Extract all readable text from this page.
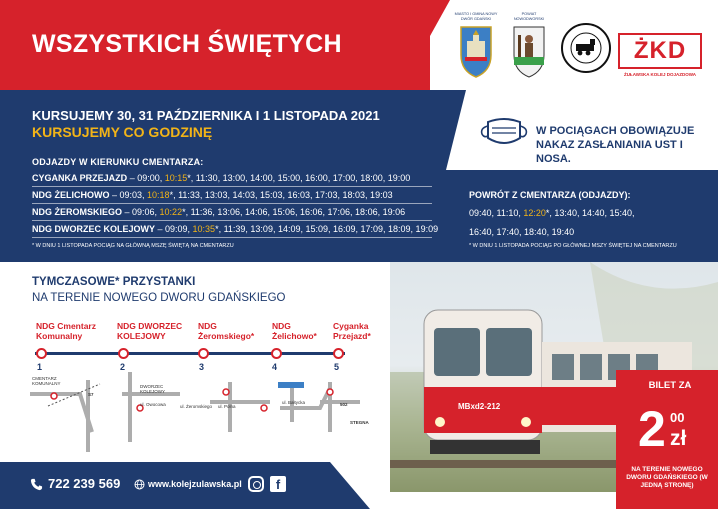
WSZYSTKICH ŚWIĘTYCH
MIASTO I GMINA NOWY DWÓR GDAŃSKI
POWIAT NOWODWORSKI
ŻKD
ŻUŁAWSKA KOLEJ DOJAZDOWA
KURSUJEMY 30, 31 PAŹDZIERNIKA I 1 LISTOPADA 2021
KURSUJEMY CO GODZINĘ	W POCIĄGACH OBOWIĄZUJE NAKAZ ZASŁANIANIA UST I NOSA.
ODJAZDY W KIERUNKU CMENTARZA:
CYGANKA PRZEJAZD – 09:00, 10:15*, 11:30, 13:00, 14:00, 15:00, 16:00, 17:00, 18:00, 19:00
NDG ŻELICHOWO – 09:03, 10:18*, 11:33, 13:03, 14:03, 15:03, 16:03, 17:03, 18:03, 19:03
NDG ŻEROMSKIEGO – 09:06, 10:22*, 11:36, 13:06, 14:06, 15:06, 16:06, 17:06, 18:06, 19:06
NDG DWORZEC KOLEJOWY – 09:09, 10:35*, 11:39, 13:09, 14:09, 15:09, 16:09, 17:09, 18:09, 19:09
* W DNIU 1 LISTOPADA POCIĄG NA GŁÓWNĄ MSZĘ ŚWIĘTĄ NA CMENTARZU
POWRÓT Z CMENTARZA (ODJAZDY):
09:40, 11:10, 12:20*, 13:40, 14:40, 15:40,
16:40, 17:40, 18:40, 19:40
* W DNIU 1 LISTOPADA POCIĄG PO GŁÓWNEJ MSZY ŚWIĘTEJ NA CMENTARZU
MBxd2-212
TYMCZASOWE* PRZYSTANKI
NA TERENIE NOWEGO DWORU GDAŃSKIEGO
NDG Cmentarz
Komunalny
NDG DWORZEC
KOLEJOWY
NDG
Żeromskiego*
NDG
Żelichowo*
Cyganka
Przejazd*
1	2	3	4	5
CMENTARZ KOMUNALNY
DWORZEC KOLEJOWY
ul. Owocowa	ul. Żeromskiego ul. Polna
ul. Bałtycka
STEGNA
S7
502
BILET ZA
2 00
zł
NA TERENIE NOWEGO DWORU GDAŃSKIEGO (W JEDNĄ STRONĘ)
722 239 569	www.kolejzulawska.pl	f
